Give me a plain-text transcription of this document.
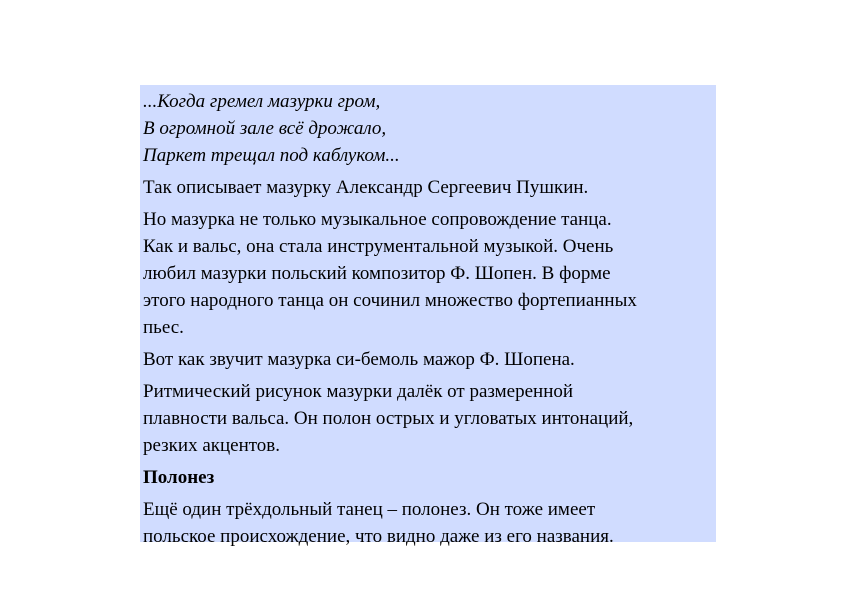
...Когда гремел мазурки гром,
В огромной зале всё дрожало,
Паркет трещал под каблуком...

Так описывает мазурку Александр Сергеевич Пушкин.

Но мазурка не только музыкальное сопровождение танца.
Как и вальс, она стала инструментальной музыкой. Очень
любил мазурки польский композитор Ф. Шопен. В форме
этого народного танца он сочинил множество фортепианных
пьес.

Вот как звучит мазурка си-бемоль мажор Ф. Шопена.

Ритмический рисунок мазурки далёк от размеренной
плавности вальса. Он полон острых и угловатых интонаций,
резких акцентов.

Полонез

Ещё один трёхдольный танец – полонез. Он тоже имеет
польское происхождение, что видно даже из его названия.
